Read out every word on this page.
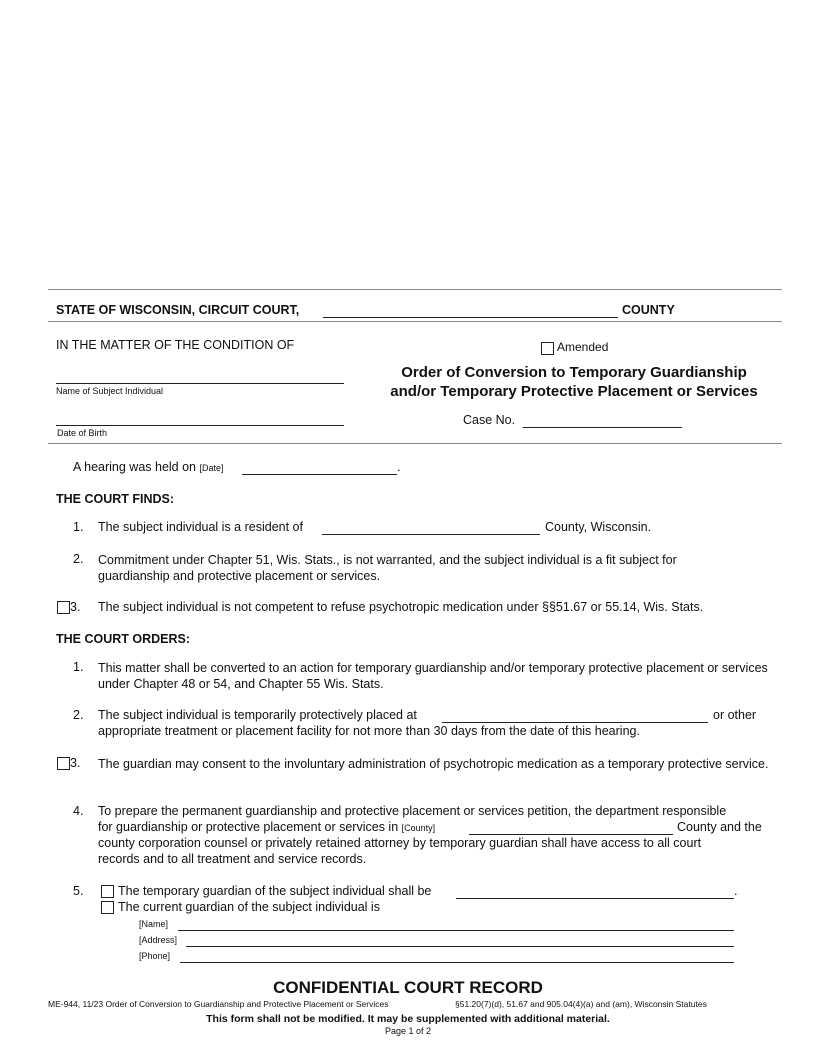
STATE OF WISCONSIN, CIRCUIT COURT,	COUNTY
IN THE MATTER OF THE CONDITION OF	Amended
Name of Subject Individual
Date of Birth
Order of Conversion to Temporary Guardianship
and/or Temporary Protective Placement or Services
Case No.
A hearing was held on [Date]	.
THE COURT FINDS:
1. The subject individual is a resident of	County, Wisconsin.
2. Commitment under Chapter 51, Wis. Stats., is not warranted, and the subject individual is a fit subject for guardianship and protective placement or services.
3. The subject individual is not competent to refuse psychotropic medication under §§51.67 or 55.14, Wis. Stats.
THE COURT ORDERS:
1. This matter shall be converted to an action for temporary guardianship and/or temporary protective placement or services under Chapter 48 or 54, and Chapter 55 Wis. Stats.
2. The subject individual is temporarily protectively placed at	or other
appropriate treatment or placement facility for not more than 30 days from the date of this hearing.
3. The guardian may consent to the involuntary administration of psychotropic medication as a temporary protective service.
4. To prepare the permanent guardianship and protective placement or services petition, the department responsible
for guardianship or protective placement or services in [County]	County and the
county corporation counsel or privately retained attorney by temporary guardian shall have access to all court
records and to all treatment and service records.
5.	The temporary guardian of the subject individual shall be	.
The current guardian of the subject individual is
[Name]
[Address]
[Phone]
CONFIDENTIAL COURT RECORD
ME-944, 11/23 Order of Conversion to Guardianship and Protective Placement or Services	§51.20(7)(d), 51.67 and 905.04(4)(a) and (am), Wisconsin Statutes
This form shall not be modified. It may be supplemented with additional material.
Page 1 of 2
